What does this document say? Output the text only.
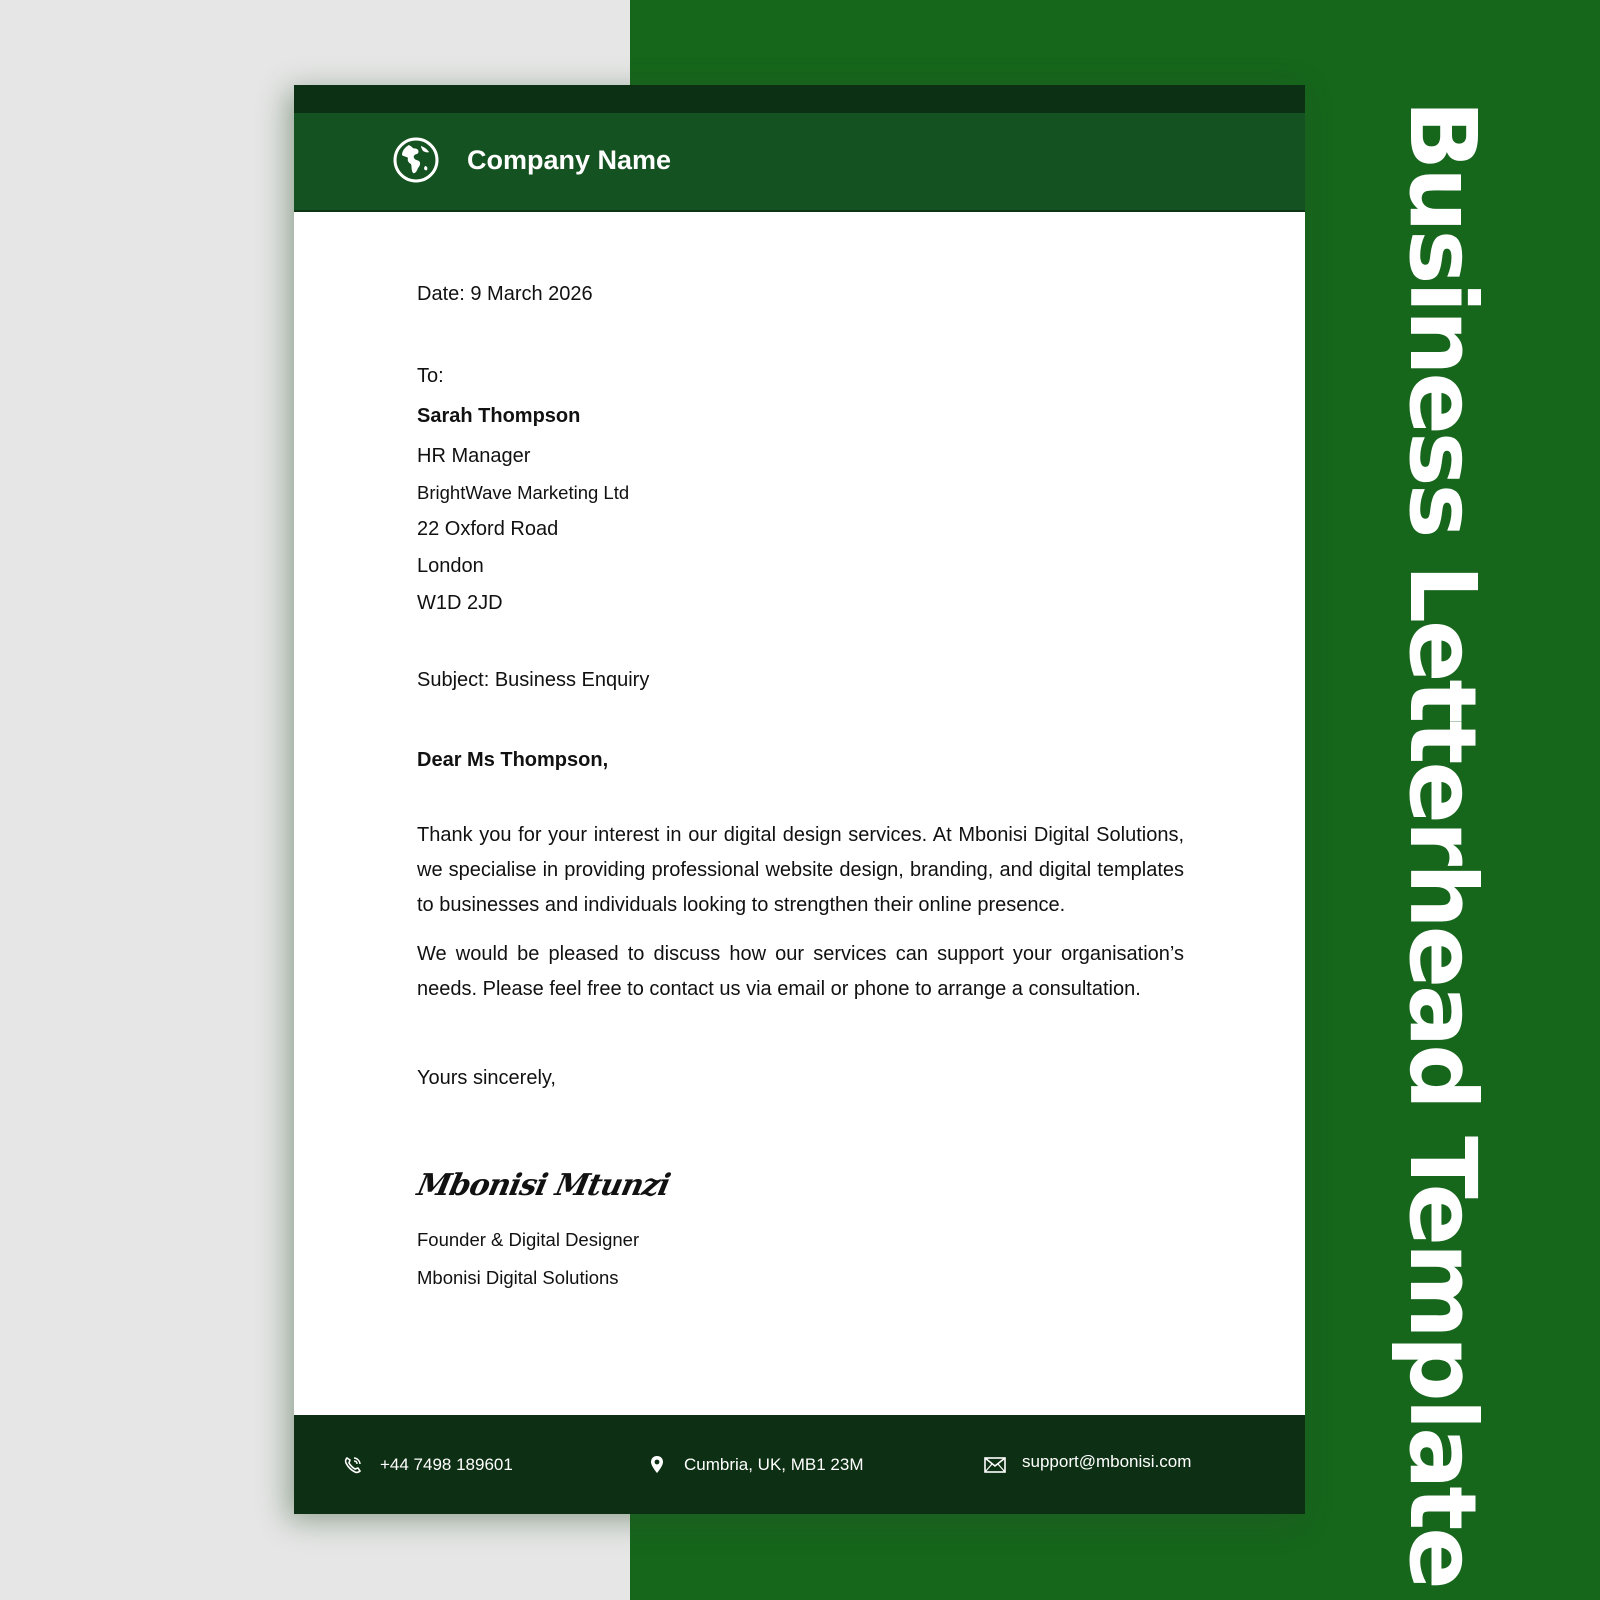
Business Letterhead Template
Company Name
Date: 9 March 2026
To:
Sarah Thompson
HR Manager
BrightWave Marketing Ltd
22 Oxford Road
London
W1D 2JD
Subject: Business Enquiry
Dear Ms Thompson,

Thank you for your interest in our digital design services. At Mbonisi Digital Solutions, we specialise in providing professional website design, branding, and digital templates to businesses and individuals looking to strengthen their online presence.

We would be pleased to discuss how our services can support your organisation’s needs. Please feel free to contact us via email or phone to arrange a consultation.

Yours sincerely,
Mbonisi Mtunzi
Founder & Digital Designer
Mbonisi Digital Solutions
+44 7498 189601	Cumbria, UK, MB1 23M	support@mbonisi.com
